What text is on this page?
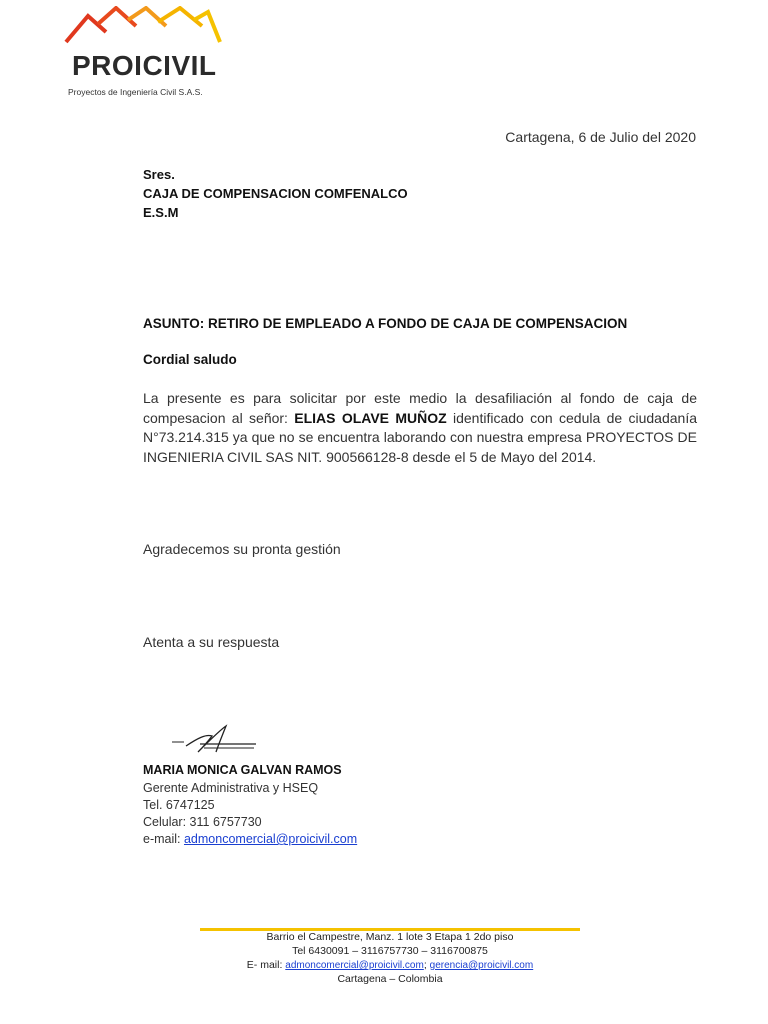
PROICIVIL
Proyectos de Ingeniería Civil S.A.S.
Cartagena, 6 de Julio del 2020
Sres.
CAJA DE COMPENSACION COMFENALCO
E.S.M
ASUNTO: RETIRO DE EMPLEADO A FONDO DE CAJA DE COMPENSACION
Cordial saludo
La presente es para solicitar por este medio la desafiliación al fondo de caja de compesacion al señor: ELIAS OLAVE MUÑOZ identificado con cedula de ciudadanía N°73.214.315 ya que no se encuentra laborando con nuestra empresa PROYECTOS DE INGENIERIA CIVIL SAS NIT. 900566128-8 desde el 5 de Mayo del 2014.
Agradecemos su pronta gestión
Atenta a su respuesta
MARIA MONICA GALVAN RAMOS
Gerente Administrativa y HSEQ
Tel. 6747125
Celular: 311 6757730
e-mail: admoncomercial@proicivil.com
Barrio el Campestre, Manz. 1 lote 3 Etapa 1 2do piso
Tel 6430091 – 3116757730 – 3116700875
E- mail: admoncomercial@proicivil.com; gerencia@proicivil.com
Cartagena – Colombia
